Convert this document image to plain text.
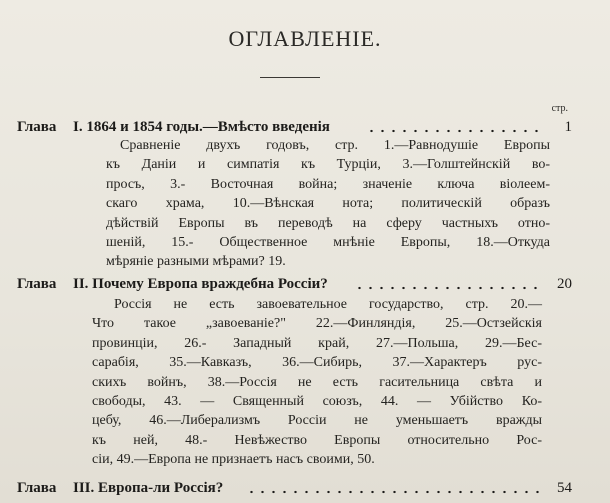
ОГЛАВЛЕНІЕ.
стр.
Глава I. 1864 и 1854 годы.—Вмѣсто введенія	1
Сравненіе двухъ годовъ, стр. 1.—Равнодушіе Европы
къ Даніи и симпатія къ Турціи, 3.—Голштейнскій во-
просъ, 3.- Восточная война; значеніе ключа віолеем-
скаго храма, 10.—Вѣнская нота; политическій образъ
дѣйствій Европы въ переводѣ на сферу частныхъ отно-
шеній, 15.- Общественное мнѣніе Европы, 18.—Откуда
мѣряніе разными мѣрами? 19.
Глава II. Почему Европа враждебна Россіи?	20
Россія не есть завоевательное государство, стр. 20.—
Что такое „завоеваніе?" 22.—Финляндія, 25.—Остзейскія
провинціи, 26.- Западный край, 27.—Польша, 29.—Бес-
сарабія, 35.—Кавказъ, 36.—Сибирь, 37.—Характеръ рус-
скихъ войнъ, 38.—Россія не есть гасительница свѣта и
свободы, 43. — Священный союзъ, 44. — Убійство Ко-
цебу, 46.—Либерализмъ Россіи не уменьшаетъ вражды
къ ней, 48.- Невѣжество Европы относительно Рос-
сіи, 49.—Европа не признаетъ насъ своими, 50.
Глава III. Европа-ли Россія?	54
